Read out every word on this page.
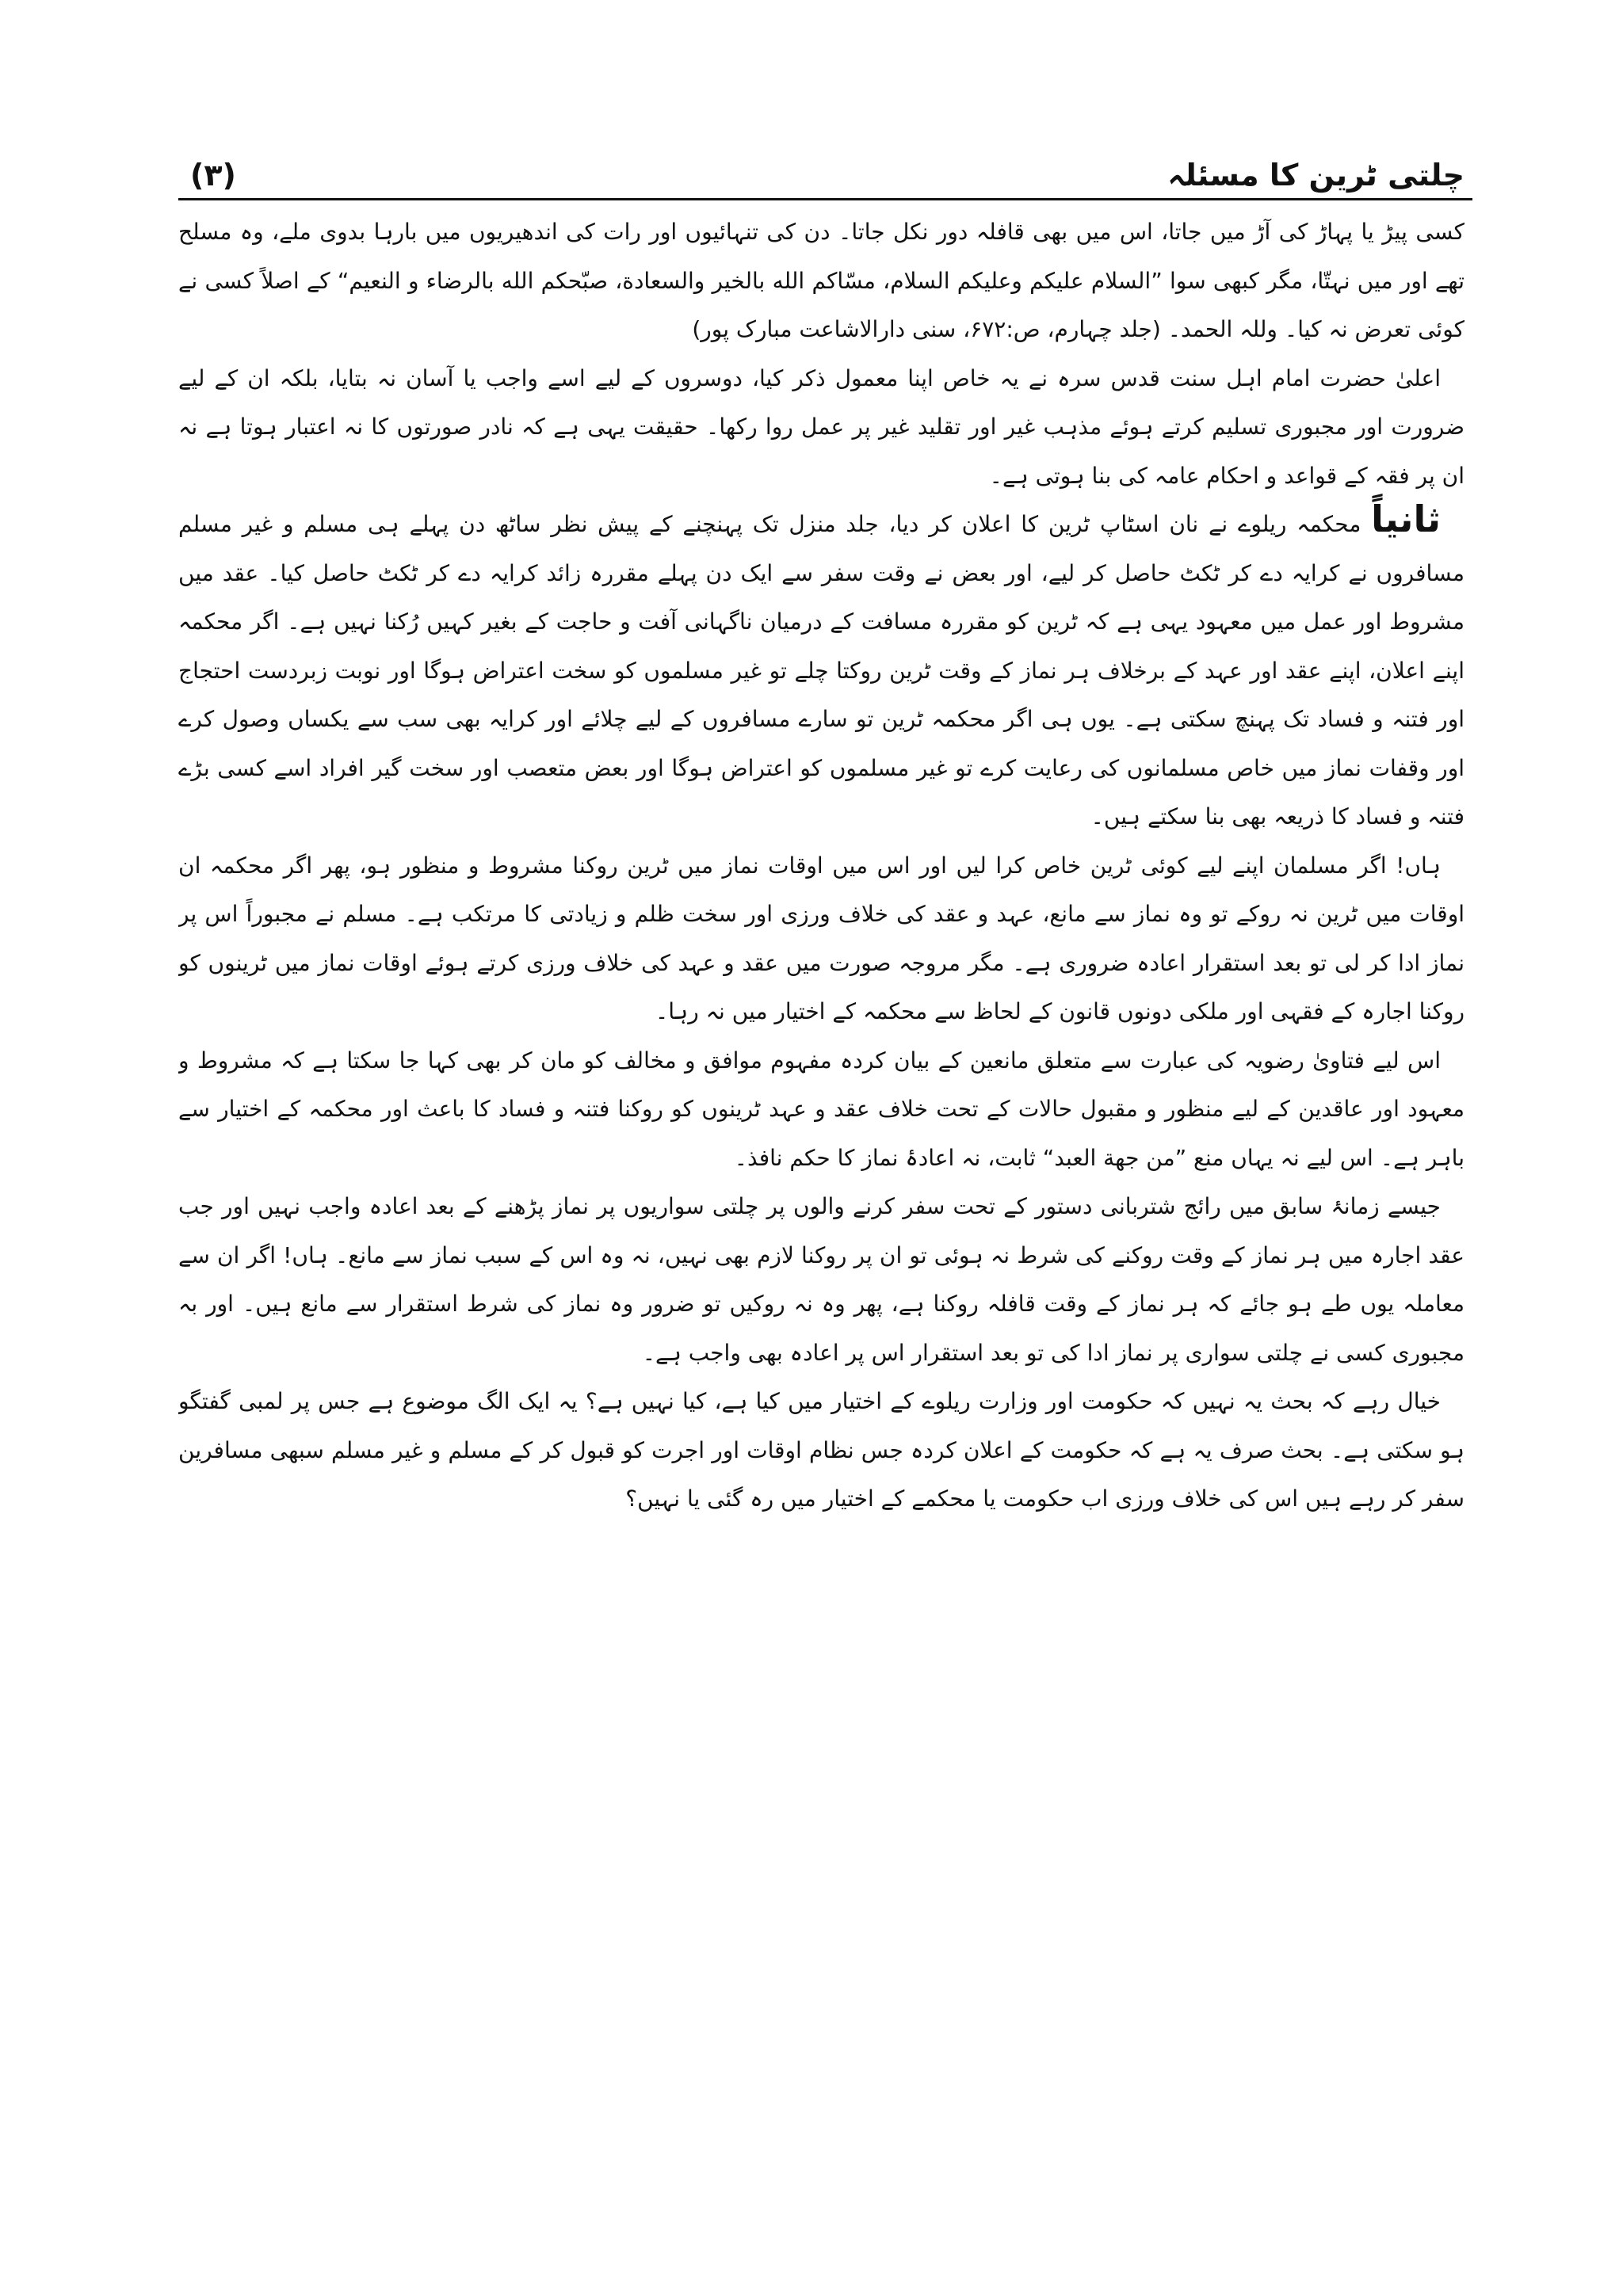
چلتی ٹرین کا مسئلہ
(۳)

کسی پیڑ یا پہاڑ کی آڑ میں جاتا، اس میں بھی قافلہ دور نکل جاتا۔ دن کی تنہائیوں اور رات کی اندھیریوں میں بارہا بدوی ملے، وہ مسلح تھے اور میں نہتّا، مگر کبھی سوا ”السلام علیکم وعلیکم السلام، مسّاکم الله بالخیر والسعادة، صبّحکم الله بالرضاء و النعیم“ کے اصلاً کسی نے کوئی تعرض نہ کیا۔ وللہ الحمد۔ (جلد چہارم، ص:۶۷۲، سنی دارالاشاعت مبارک پور)

اعلیٰ حضرت امام اہل سنت قدس سرہ نے یہ خاص اپنا معمول ذکر کیا، دوسروں کے لیے اسے واجب یا آسان نہ بتایا، بلکہ ان کے لیے ضرورت اور مجبوری تسلیم کرتے ہوئے مذہب غیر اور تقلید غیر پر عمل روا رکھا۔ حقیقت یہی ہے کہ نادر صورتوں کا نہ اعتبار ہوتا ہے نہ ان پر فقہ کے قواعد و احکام عامہ کی بنا ہوتی ہے۔

ثانیاً محکمہ ریلوے نے نان اسٹاپ ٹرین کا اعلان کر دیا، جلد منزل تک پہنچنے کے پیش نظر ساٹھ دن پہلے ہی مسلم و غیر مسلم مسافروں نے کرایہ دے کر ٹکٹ حاصل کر لیے، اور بعض نے وقت سفر سے ایک دن پہلے مقررہ زائد کرایہ دے کر ٹکٹ حاصل کیا۔ عقد میں مشروط اور عمل میں معہود یہی ہے کہ ٹرین کو مقررہ مسافت کے درمیان ناگہانی آفت و حاجت کے بغیر کہیں رُکنا نہیں ہے۔ اگر محکمہ اپنے اعلان، اپنے عقد اور عہد کے برخلاف ہر نماز کے وقت ٹرین روکتا چلے تو غیر مسلموں کو سخت اعتراض ہوگا اور نوبت زبردست احتجاج اور فتنہ و فساد تک پہنچ سکتی ہے۔ یوں ہی اگر محکمہ ٹرین تو سارے مسافروں کے لیے چلائے اور کرایہ بھی سب سے یکساں وصول کرے اور وقفات نماز میں خاص مسلمانوں کی رعایت کرے تو غیر مسلموں کو اعتراض ہوگا اور بعض متعصب اور سخت گیر افراد اسے کسی بڑے فتنہ و فساد کا ذریعہ بھی بنا سکتے ہیں۔

ہاں! اگر مسلمان اپنے لیے کوئی ٹرین خاص کرا لیں اور اس میں اوقات نماز میں ٹرین روکنا مشروط و منظور ہو، پھر اگر محکمہ ان اوقات میں ٹرین نہ روکے تو وہ نماز سے مانع، عہد و عقد کی خلاف ورزی اور سخت ظلم و زیادتی کا مرتکب ہے۔ مسلم نے مجبوراً اس پر نماز ادا کر لی تو بعد استقرار اعادہ ضروری ہے۔ مگر مروجہ صورت میں عقد و عہد کی خلاف ورزی کرتے ہوئے اوقات نماز میں ٹرینوں کو روکنا اجارہ کے فقہی اور ملکی دونوں قانون کے لحاظ سے محکمہ کے اختیار میں نہ رہا۔

اس لیے فتاویٰ رضویہ کی عبارت سے متعلق مانعین کے بیان کردہ مفہوم موافق و مخالف کو مان کر بھی کہا جا سکتا ہے کہ مشروط و معہود اور عاقدین کے لیے منظور و مقبول حالات کے تحت خلاف عقد و عہد ٹرینوں کو روکنا فتنہ و فساد کا باعث اور محکمہ کے اختیار سے باہر ہے۔ اس لیے نہ یہاں منع ”من جهة العبد“ ثابت، نہ اعادۂ نماز کا حکم نافذ۔

جیسے زمانۂ سابق میں رائج شتربانی دستور کے تحت سفر کرنے والوں پر چلتی سواریوں پر نماز پڑھنے کے بعد اعادہ واجب نہیں اور جب عقد اجارہ میں ہر نماز کے وقت روکنے کی شرط نہ ہوئی تو ان پر روکنا لازم بھی نہیں، نہ وہ اس کے سبب نماز سے مانع۔ ہاں! اگر ان سے معاملہ یوں طے ہو جائے کہ ہر نماز کے وقت قافلہ روکنا ہے، پھر وہ نہ روکیں تو ضرور وہ نماز کی شرط استقرار سے مانع ہیں۔ اور بہ مجبوری کسی نے چلتی سواری پر نماز ادا کی تو بعد استقرار اس پر اعادہ بھی واجب ہے۔

خیال رہے کہ بحث یہ نہیں کہ حکومت اور وزارت ریلوے کے اختیار میں کیا ہے، کیا نہیں ہے؟ یہ ایک الگ موضوع ہے جس پر لمبی گفتگو ہو سکتی ہے۔ بحث صرف یہ ہے کہ حکومت کے اعلان کردہ جس نظام اوقات اور اجرت کو قبول کر کے مسلم و غیر مسلم سبھی مسافرین سفر کر رہے ہیں اس کی خلاف ورزی اب حکومت یا محکمے کے اختیار میں رہ گئی یا نہیں؟
